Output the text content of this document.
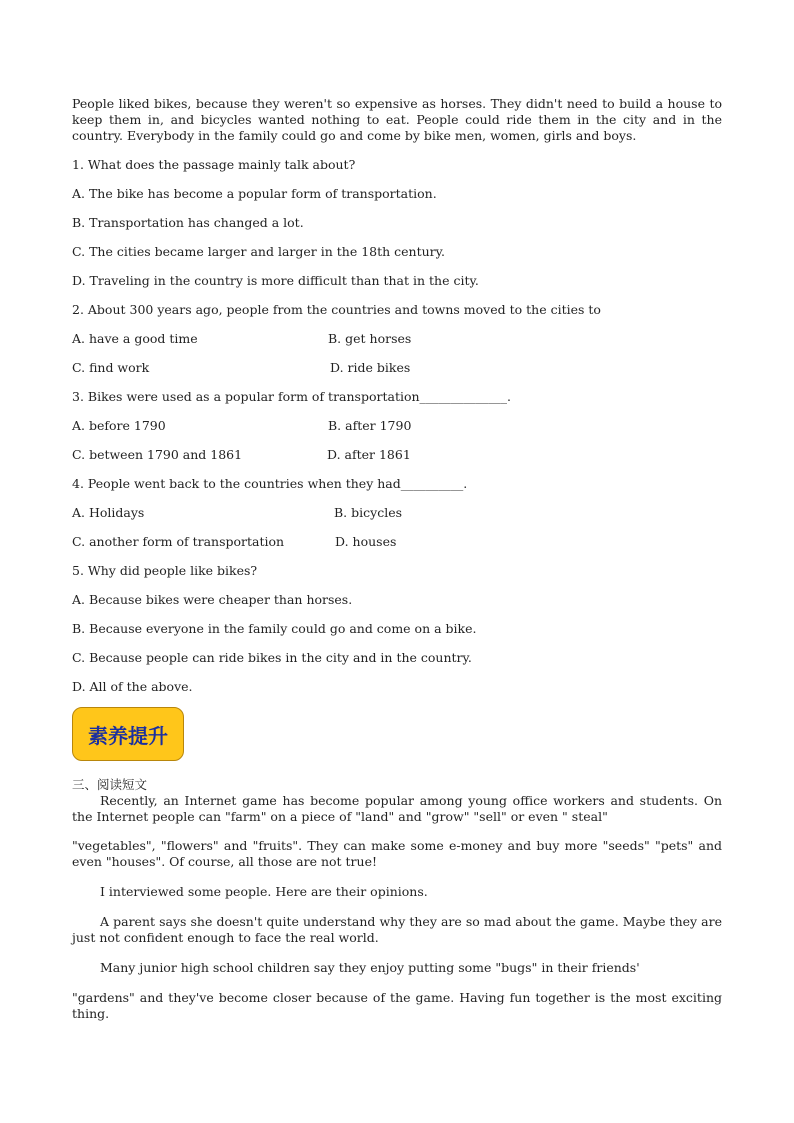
People liked bikes, because they weren't so expensive as horses. They didn't need to build a house to keep them in, and bicycles wanted nothing to eat. People could ride them in the city and in the country. Everybody in the family could go and come by bike men, women, girls and boys.

1. What does the passage mainly talk about?

A. The bike has become a popular form of transportation.

B. Transportation has changed a lot.

C. The cities became larger and larger in the 18th century.

D. Traveling in the country is more difficult than that in the city.

2. About 300 years ago, people from the countries and towns moved to the cities to

A. have a good time	B. get horses
C. find work	D. ride bikes

3. Bikes were used as a popular form of transportation______________.

A. before 1790	B. after 1790
C. between 1790 and 1861	D. after 1861

4. People went back to the countries when they had__________.

A. Holidays	B. bicycles
C. another form of transportation	D. houses

5. Why did people like bikes?

A. Because bikes were cheaper than horses.

B. Because everyone in the family could go and come on a bike.

C. Because people can ride bikes in the city and in the country.

D. All of the above.

素养提升

三、阅读短文

Recently, an Internet game has become popular among young office workers and students. On the Internet people can "farm" on a piece of "land" and "grow" "sell" or even " steal"

"vegetables", "flowers" and "fruits". They can make some e-money and buy more "seeds" "pets" and even "houses". Of course, all those are not true!

I interviewed some people. Here are their opinions.

A parent says she doesn't quite understand why they are so mad about the game. Maybe they are just not confident enough to face the real world.

Many junior high school children say they enjoy putting some "bugs" in their friends'

"gardens" and they've become closer because of the game. Having fun together is the most exciting thing.
